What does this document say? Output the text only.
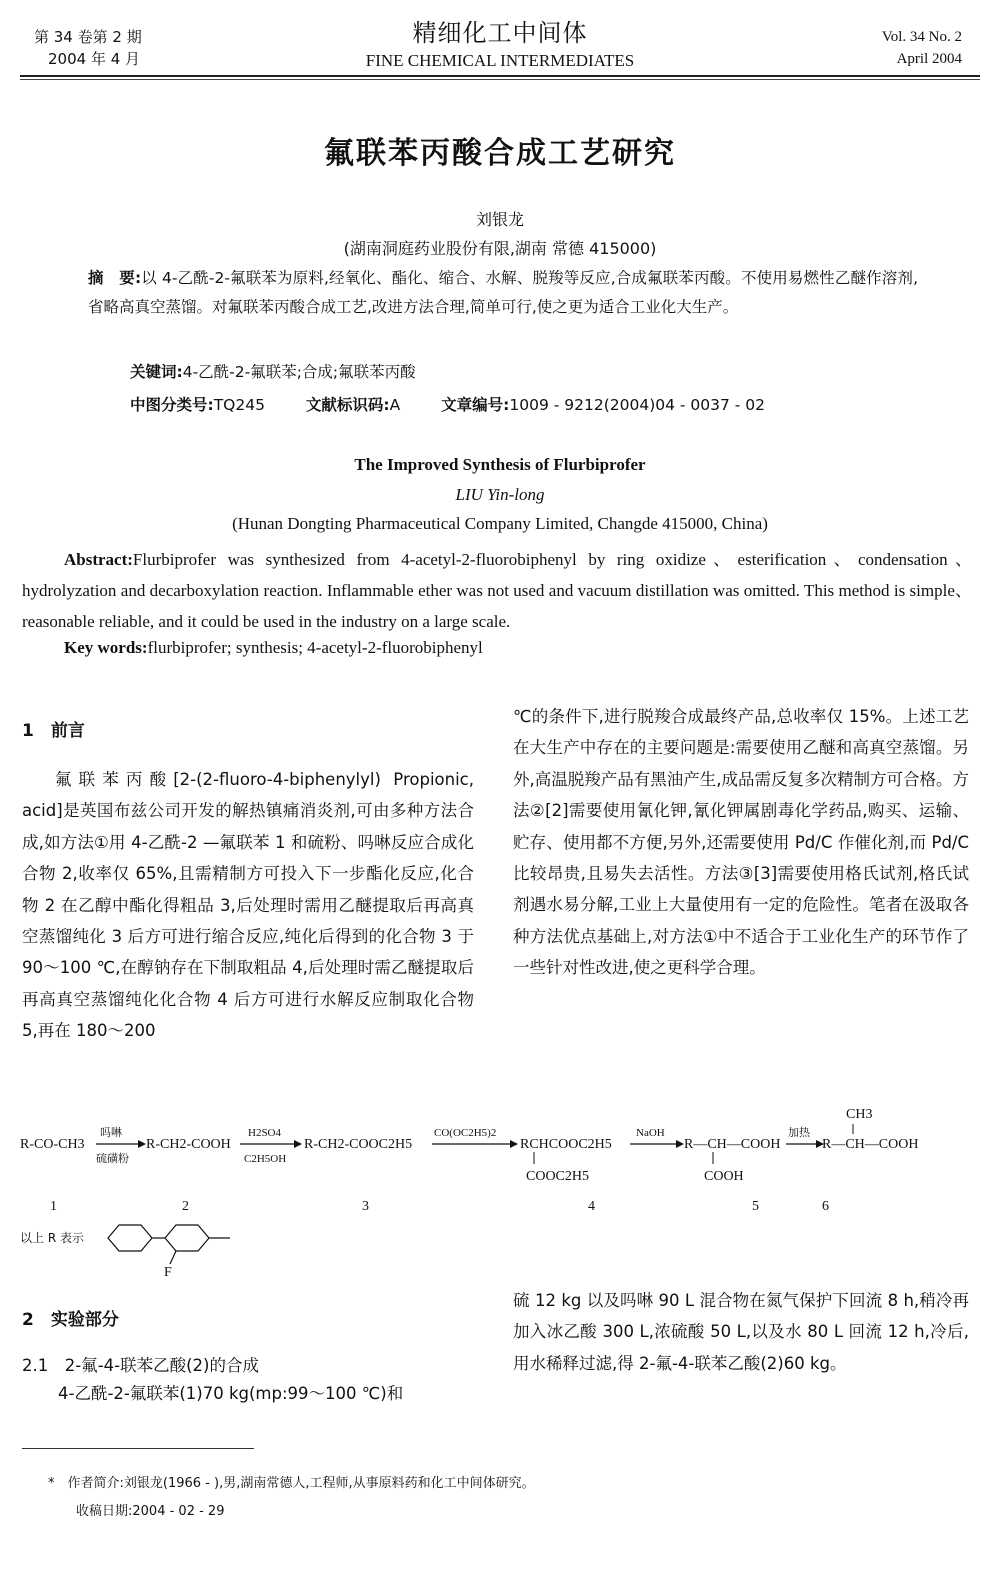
第 34 卷第 2 期
2004 年 4 月
精细化工中间体
FINE CHEMICAL INTERMEDIATES
Vol. 34 No. 2
April 2004
氟联苯丙酸合成工艺研究
刘银龙
(湖南洞庭药业股份有限,湖南 常德 415000)
摘　要:以 4-乙酰-2-氟联苯为原料,经氧化、酯化、缩合、水解、脱羧等反应,合成氟联苯丙酸。不使用易燃性乙醚作溶剂,省略高真空蒸馏。对氟联苯丙酸合成工艺,改进方法合理,简单可行,使之更为适合工业化大生产。
关键词:4-乙酰-2-氟联苯;合成;氟联苯丙酸
中图分类号:TQ245	文献标识码:A	文章编号:1009 - 9212(2004)04 - 0037 - 02
The Improved Synthesis of Flurbiprofer
LIU Yin-long
(Hunan Dongting Pharmaceutical Company Limited, Changde 415000, China)
Abstract:Flurbiprofer was synthesized from 4-acetyl-2-fluorobiphenyl by ring oxidize、esterification、condensation、hydrolyzation and decarboxylation reaction. Inflammable ether was not used and vacuum distillation was omitted. This method is simple、reasonable reliable, and it could be used in the industry on a large scale.
Key words:flurbiprofer; synthesis; 4-acetyl-2-fluorobiphenyl
1　前言
氟联苯丙酸[2-(2-fluoro-4-biphenylyl) Propionic, acid]是英国布兹公司开发的解热镇痛消炎剂,可由多种方法合成,如方法①用 4-乙酰-2 —氟联苯 1 和硫粉、吗啉反应合成化合物 2,收率仅 65%,且需精制方可投入下一步酯化反应,化合物 2 在乙醇中酯化得粗品 3,后处理时需用乙醚提取后再高真空蒸馏纯化 3 后方可进行缩合反应,纯化后得到的化合物 3 于 90～100 ℃,在醇钠存在下制取粗品 4,后处理时需乙醚提取后再高真空蒸馏纯化化合物 4 后方可进行水解反应制取化合物 5,再在 180～200
℃的条件下,进行脱羧合成最终产品,总收率仅 15%。上述工艺在大生产中存在的主要问题是:需要使用乙醚和高真空蒸馏。另外,高温脱羧产品有黑油产生,成品需反复多次精制方可合格。方法②[2]需要使用氰化钾,氰化钾属剧毒化学药品,购买、运输、贮存、使用都不方便,另外,还需要使用 Pd/C 作催化剂,而 Pd/C 比较昂贵,且易失去活性。方法③[3]需要使用格氏试剂,格氏试剂遇水易分解,工业上大量使用有一定的危险性。笔者在汲取各种方法优点基础上,对方法①中不适合于工业化生产的环节作了一些针对性改进,使之更科学合理。
R-CO-CH3
吗啉
硫磺粉
R-CH2-COOH
H2SO4
C2H5OH
R-CH2-COOC2H5
CO(OC2H5)2
RCHCOOC2H5
COOC2H5
NaOH
R—CH—COOH
COOH
加热
R—CH—COOH
CH3
1	2	3	4	5	6
以上 R 表示
F
2　实验部分
2.1　2-氟-4-联苯乙酸(2)的合成
4-乙酰-2-氟联苯(1)70 kg(mp:99～100 ℃)和
硫 12 kg 以及吗啉 90 L 混合物在氮气保护下回流 8 h,稍冷再加入冰乙酸 300 L,浓硫酸 50 L,以及水 80 L 回流 12 h,冷后,用水稀释过滤,得 2-氟-4-联苯乙酸(2)60 kg。
*　作者简介:刘银龙(1966 - ),男,湖南常德人,工程师,从事原料药和化工中间体研究。
收稿日期:2004 - 02 - 29
